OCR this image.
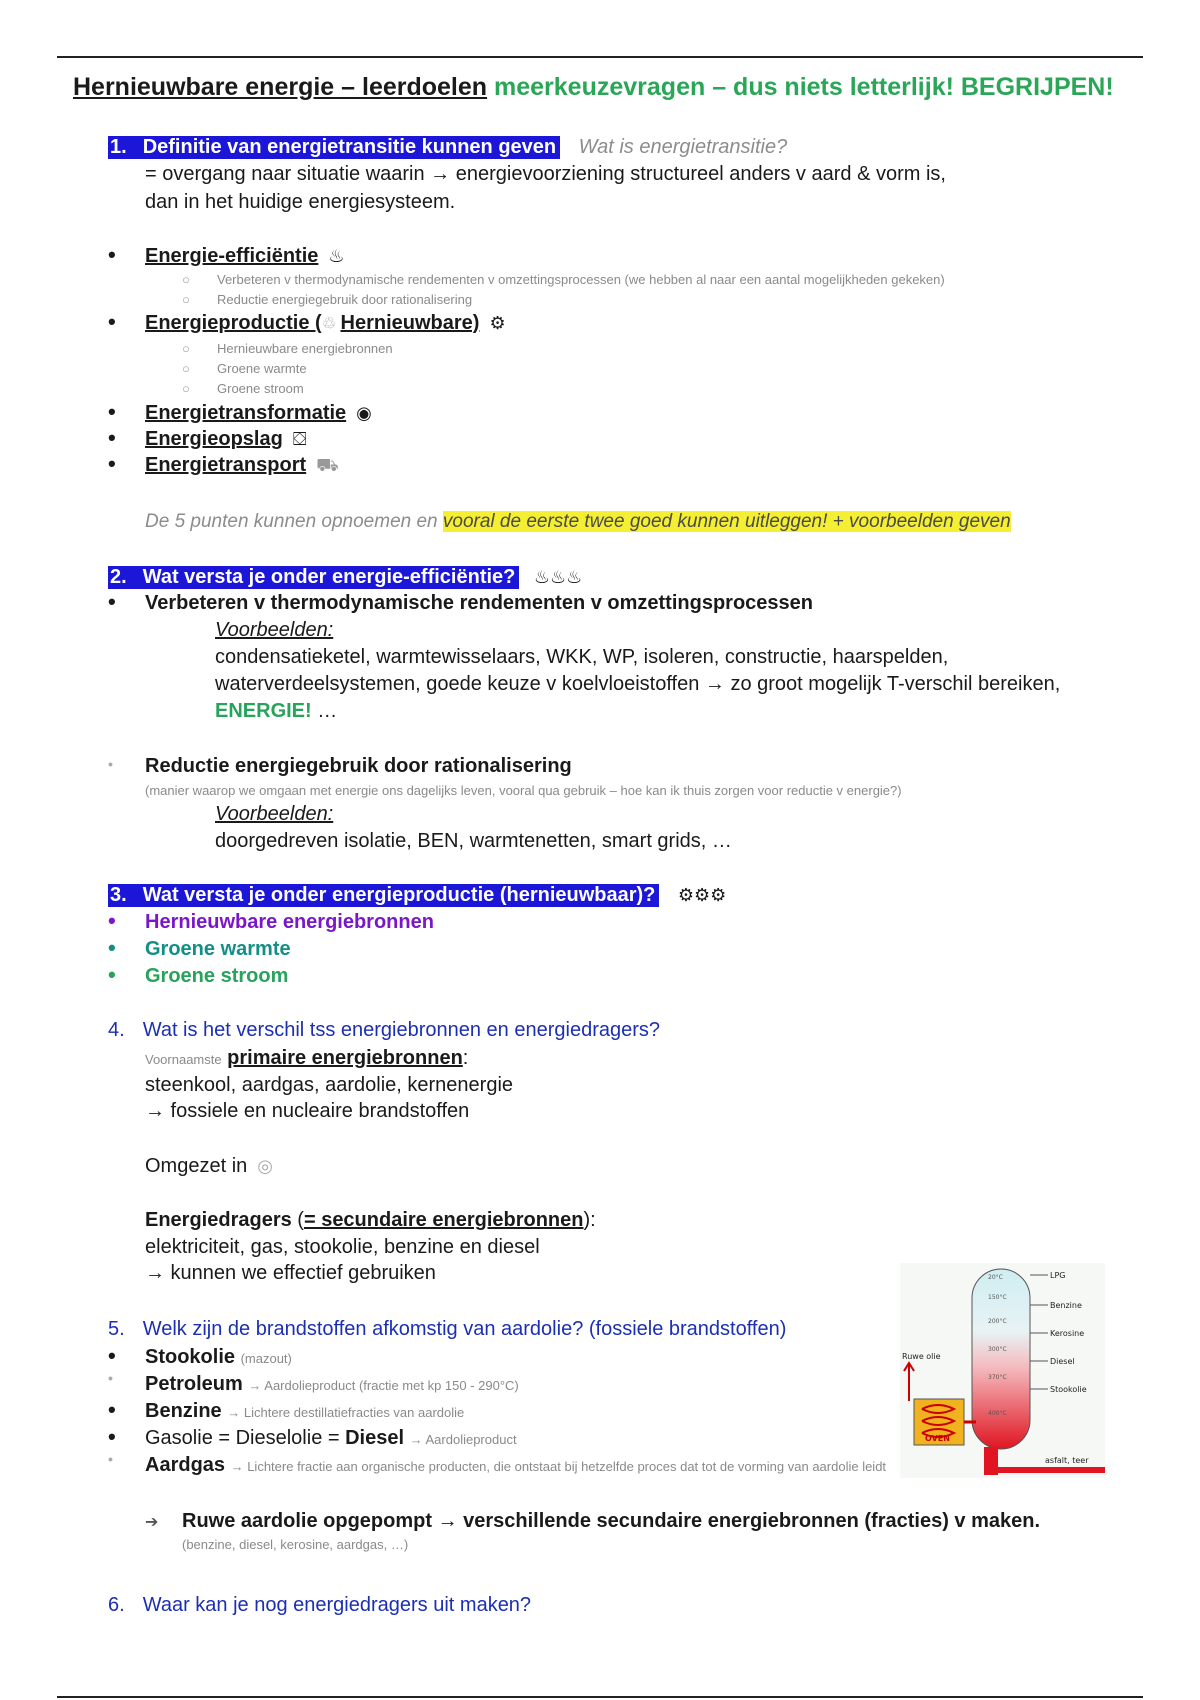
Hernieuwbare energie – leerdoelen meerkeuzevragen – dus niets letterlijk! BEGRIJPEN!
1. Definitie van energietransitie kunnen geven Wat is energietransitie?
= overgang naar situatie waarin → energievoorziening structureel anders v aard & vorm is,
dan in het huidige energiesysteem.
• Energie-efficiëntie ♨
○ Verbeteren v thermodynamische rendementen v omzettingsprocessen (we hebben al naar een aantal mogelijkheden gekeken)
○ Reductie energiegebruik door rationalisering
• Energieproductie (♲ Hernieuwbare) ⚙
○ Hernieuwbare energiebronnen
○ Groene warmte
○ Groene stroom
• Energietransformatie ◉
• Energieopslag ⛋
• Energietransport ⛟
De 5 punten kunnen opnoemen en vooral de eerste twee goed kunnen uitleggen! + voorbeelden geven
2. Wat versta je onder energie-efficiëntie? ♨♨♨
• Verbeteren v thermodynamische rendementen v omzettingsprocessen
Voorbeelden:
condensatieketel, warmtewisselaars, WKK, WP, isoleren, constructie, haarspelden,
waterverdeelsystemen, goede keuze v koelvloeistoffen → zo groot mogelijk T-verschil bereiken,
ENERGIE! …
• Reductie energiegebruik door rationalisering
(manier waarop we omgaan met energie ons dagelijks leven, vooral qua gebruik – hoe kan ik thuis zorgen voor reductie v energie?)
Voorbeelden:
doorgedreven isolatie, BEN, warmtenetten, smart grids, …
3. Wat versta je onder energieproductie (hernieuwbaar)? ⚙⚙⚙
• Hernieuwbare energiebronnen
• Groene warmte
• Groene stroom
4. Wat is het verschil tss energiebronnen en energiedragers?
Voornaamste primaire energiebronnen:
steenkool, aardgas, aardolie, kernenergie
→ fossiele en nucleaire brandstoffen
Omgezet in ◎
Energiedragers (= secundaire energiebronnen):
elektriciteit, gas, stookolie, benzine en diesel
→ kunnen we effectief gebruiken
5. Welk zijn de brandstoffen afkomstig van aardolie? (fossiele brandstoffen)
• Stookolie (mazout)
• Petroleum → Aardolieproduct (fractie met kp 150 - 290°C)
• Benzine → Lichtere destillatiefracties van aardolie
• Gasolie = Dieselolie = Diesel → Aardolieproduct
• Aardgas → Lichtere fractie aan organische producten, die ontstaat bij hetzelfde proces dat tot de vorming van aardolie leidt
➔ Ruwe aardolie opgepompt → verschillende secundaire energiebronnen (fracties) v maken.
(benzine, diesel, kerosine, aardgas, …)
Ruwe olie
OVEN
LPG
Benzine
Kerosine
Diesel
Stookolie
asfalt, teer
20°C
150°C
200°C
300°C
370°C
400°C
6. Waar kan je nog energiedragers uit maken?
